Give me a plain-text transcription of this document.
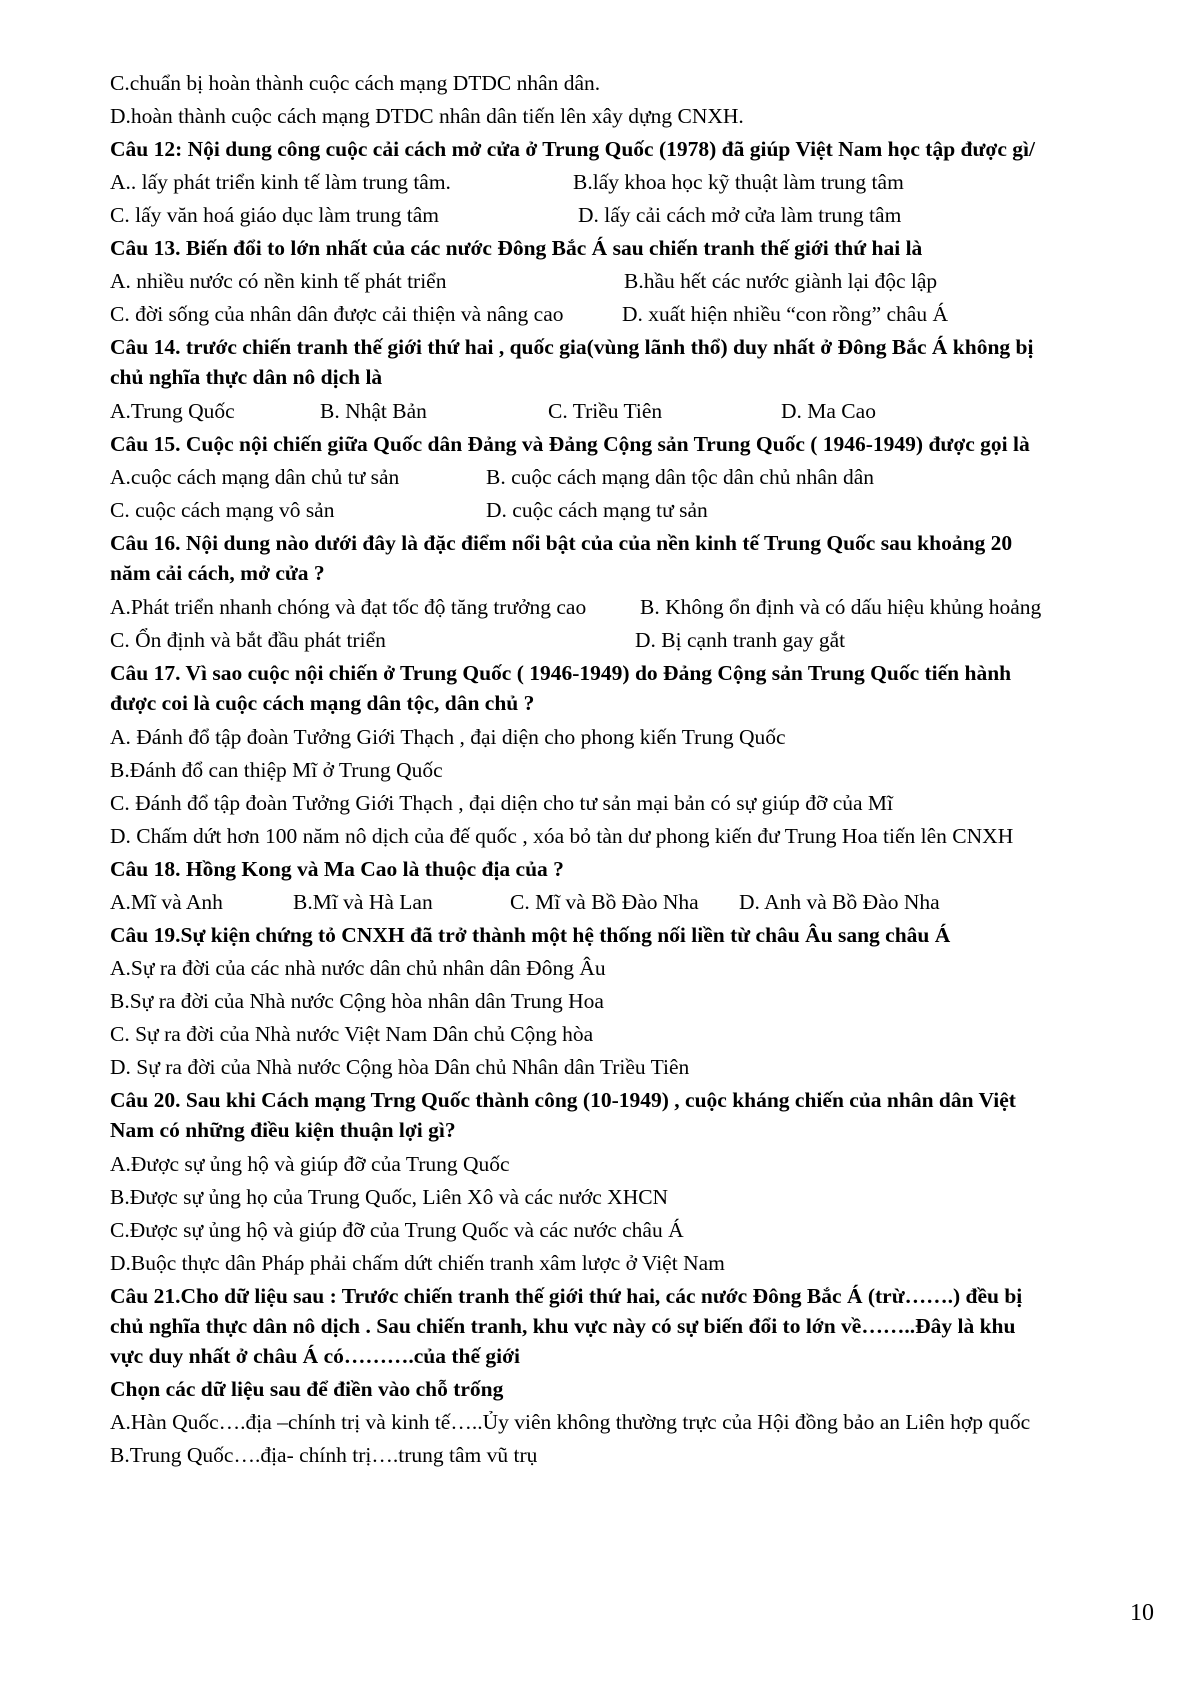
C.chuẩn bị hoàn thành cuộc cách mạng DTDC nhân dân.

D.hoàn thành cuộc cách mạng DTDC nhân dân tiến lên xây dựng CNXH.

Câu 12: Nội dung công cuộc cải cách mở cửa ở Trung Quốc (1978) đã giúp Việt Nam học tập được gì/

A.. lấy phát triển kinh tế làm trung tâm.	B.lấy khoa học kỹ thuật làm trung tâm
C. lấy văn hoá giáo dục làm trung tâm	D. lấy cải cách mở cửa làm trung tâm

Câu 13. Biến đổi to lớn nhất của các nước Đông Bắc Á sau chiến tranh thế giới thứ hai là

A. nhiều nước có nền kinh tế phát triển	B.hầu hết các nước giành lại độc lập
C. đời sống của nhân dân được cải thiện và nâng cao	D. xuất hiện nhiều “con rồng” châu Á

Câu 14. trước chiến tranh thế giới thứ hai , quốc gia(vùng lãnh thổ) duy nhất ở Đông Bắc Á không bị

chủ nghĩa thực dân nô dịch là

A.Trung Quốc	B. Nhật Bản	C. Triều Tiên	D. Ma Cao

Câu 15. Cuộc nội chiến giữa Quốc dân Đảng và Đảng Cộng sản Trung Quốc ( 1946-1949) được gọi là

A.cuộc cách mạng dân chủ tư sản	B. cuộc cách mạng dân tộc dân chủ nhân dân
C. cuộc cách mạng vô sản	D. cuộc cách mạng tư sản

Câu 16. Nội dung nào dưới đây là đặc điểm nổi bật của của nền kinh tế Trung Quốc sau khoảng 20

năm cải cách, mở cửa ?

A.Phát triển nhanh chóng và đạt tốc độ tăng trưởng cao	B. Không ổn định và có dấu hiệu khủng hoảng
C. Ổn định và bắt đầu phát triển	D. Bị cạnh tranh gay gắt

Câu 17. Vì sao cuộc nội chiến ở Trung Quốc ( 1946-1949) do Đảng Cộng sản Trung Quốc tiến hành

được coi là cuộc cách mạng dân tộc, dân chủ ?

A. Đánh đổ tập đoàn Tưởng Giới Thạch , đại diện cho phong kiến Trung Quốc

B.Đánh đổ can thiệp Mĩ ở Trung Quốc

C. Đánh đổ tập đoàn Tưởng Giới Thạch , đại diện cho tư sản mại bản có sự giúp đỡ của Mĩ

D. Chấm dứt hơn 100 năm nô dịch của đế quốc , xóa bỏ tàn dư phong kiến đư Trung Hoa tiến lên CNXH

Câu 18. Hồng Kong và Ma Cao là thuộc địa của ?

A.Mĩ và Anh	B.Mĩ và Hà Lan	C. Mĩ và Bồ Đào Nha D. Anh và Bồ Đào Nha

Câu 19.Sự kiện chứng tỏ CNXH đã trở thành một hệ thống nối liền từ châu Âu sang châu Á

A.Sự ra đời của các nhà nước dân chủ nhân dân Đông Âu

B.Sự ra đời của Nhà nước Cộng hòa nhân dân Trung Hoa

C. Sự ra đời của Nhà nước Việt Nam Dân chủ Cộng hòa

D. Sự ra đời của Nhà nước Cộng hòa Dân chủ Nhân dân Triều Tiên

Câu 20. Sau khi Cách mạng Trng Quốc thành công (10-1949) , cuộc kháng chiến của nhân dân Việt

Nam có những điều kiện thuận lợi gì?

A.Được sự ủng hộ và giúp đỡ của Trung Quốc

B.Được sự ủng họ của Trung Quốc, Liên Xô và các nước XHCN

C.Được sự ủng hộ và giúp đỡ của Trung Quốc và các nước châu Á

D.Buộc thực dân Pháp phải chấm dứt chiến tranh xâm lược ở Việt Nam

Câu 21.Cho dữ liệu sau : Trước chiến tranh thế giới thứ hai, các nước Đông Bắc Á (trừ…….) đều bị

chủ nghĩa thực dân nô dịch . Sau chiến tranh, khu vực này có sự biến đổi to lớn về……..Đây là khu

vực duy nhất ở châu Á có……….của thế giới

Chọn các dữ liệu sau để điền vào chỗ trống

A.Hàn Quốc….địa –chính trị và kinh tế…..Ủy viên không thường trực của Hội đồng bảo an Liên hợp quốc

B.Trung Quốc….địa- chính trị….trung tâm vũ trụ

10
